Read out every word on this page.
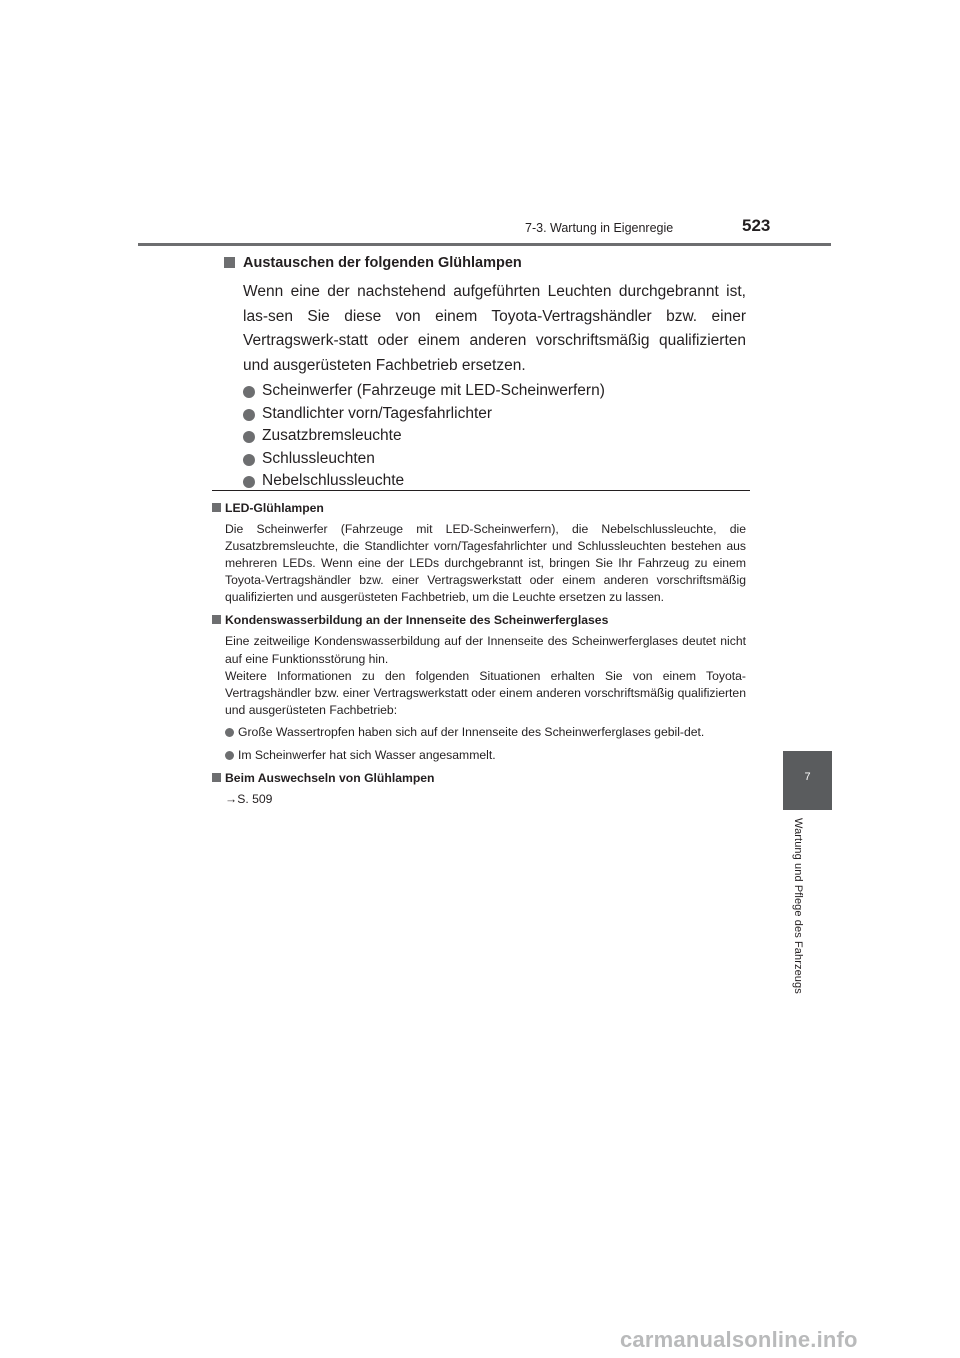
7-3. Wartung in Eigenregie	523
7
Wartung und Pflege des Fahrzeugs
Austauschen der folgenden Glühlampen

Wenn eine der nachstehend aufgeführten Leuchten durchgebrannt ist, las-sen Sie diese von einem Toyota-Vertragshändler bzw. einer Vertragswerk-statt oder einem anderen vorschriftsmäßig qualifizierten und ausgerüsteten Fachbetrieb ersetzen.

Scheinwerfer (Fahrzeuge mit LED-Scheinwerfern)
Standlichter vorn/Tagesfahrlichter
Zusatzbremsleuchte
Schlussleuchten
Nebelschlussleuchte
LED-Glühlampen

Die Scheinwerfer (Fahrzeuge mit LED-Scheinwerfern), die Nebelschlussleuchte, die Zusatzbremsleuchte, die Standlichter vorn/Tagesfahrlichter und Schlussleuchten bestehen aus mehreren LEDs. Wenn eine der LEDs durchgebrannt ist, bringen Sie Ihr Fahrzeug zu einem Toyota-Vertragshändler bzw. einer Vertragswerkstatt oder einem anderen vorschriftsmäßig qualifizierten und ausgerüsteten Fachbetrieb, um die Leuchte ersetzen zu lassen.

Kondenswasserbildung an der Innenseite des Scheinwerferglases

Eine zeitweilige Kondenswasserbildung auf der Innenseite des Scheinwerferglases deutet nicht auf eine Funktionsstörung hin.

Weitere Informationen zu den folgenden Situationen erhalten Sie von einem Toyota-Vertragshändler bzw. einer Vertragswerkstatt oder einem anderen vorschriftsmäßig qualifizierten und ausgerüsteten Fachbetrieb:

Große Wassertropfen haben sich auf der Innenseite des Scheinwerferglases gebil-det.
Im Scheinwerfer hat sich Wasser angesammelt.
Beim Auswechseln von Glühlampen

→S. 509

carmanualsonline.info
